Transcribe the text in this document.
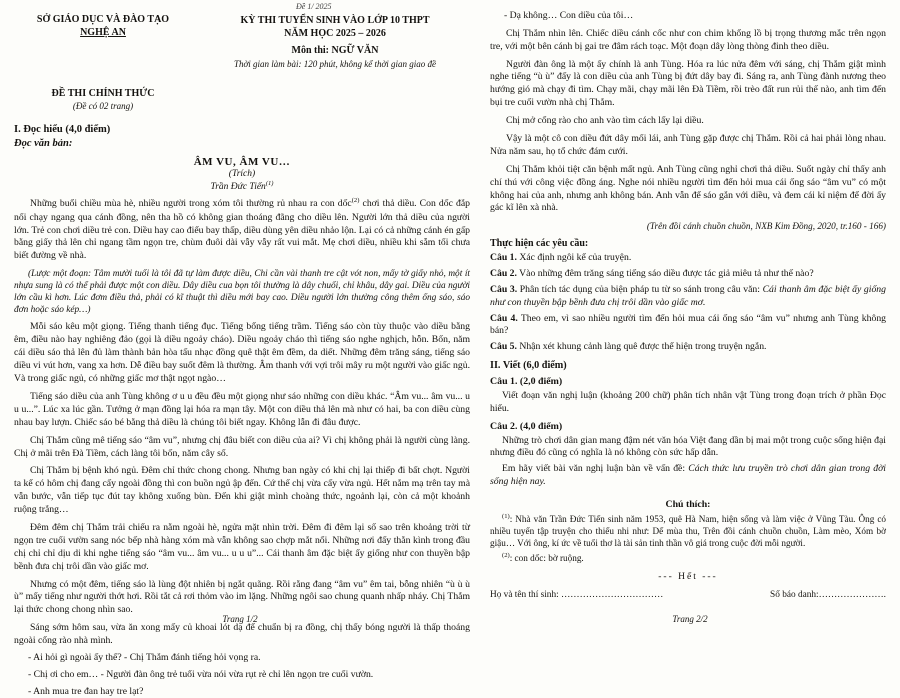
Đề 1/ 2025
SỞ GIÁO DỤC VÀ ĐÀO TẠO
NGHỆ AN
KỲ THI TUYỂN SINH VÀO LỚP 10 THPT
NĂM HỌC 2025 – 2026
Môn thi: NGỮ VĂN
Thời gian làm bài: 120 phút, không kể thời gian giao đề
ĐỀ THI CHÍNH THỨC
(Đề có 02 trang)
I. Đọc hiểu (4,0 điểm)
Đọc văn bản:
ÂM VU, ÂM VU…
(Trích)
Trần Đức Tiến$^{(1)}$

Những buổi chiều mùa hè, nhiều người trong xóm tôi thường rủ nhau ra con dốc$^{(2)}$ chơi thả diều. Con dốc đắp nối chạy ngang qua cánh đồng, nên tha hồ có không gian thoáng đãng cho diều lên. Người lớn thả diều của người lớn. Trẻ con chơi diều trẻ con. Diều hay cao điểu bay thấp, diều dùng yên diều nhảo lộn. Lại có cả những cánh én gấp bằng giấy thả lên chỉ ngang tầm ngọn tre, chùm đuôi dài vẫy vẫy rất vui mắt. Mẹ chơi diều, nhiều khi sẵm tối chưa biết đường về nhà.

(Lược một đoạn: Tâm mười tuổi là tôi đã tự làm được diều, Chi cần vài thanh tre cật vót non, mấy tờ giấy nhỏ, một ít nhựa sung là có thể phải được một con diều. Dây diều cua bọn tôi thường là dây chuối, chỉ khâu, dây gai. Diều của người lớn cầu kì hơn. Lúc đơm điều thả, phải có kĩ thuật thì diều mới bay cao. Diều người lớn thường công thêm ống sáo, sáo đơn hoặc sáo kép…)

Mỗi sáo kêu một giọng. Tiếng thanh tiếng đục. Tiếng bổng tiếng trầm. Tiếng sáo còn tùy thuộc vào diều bằng êm, điều nào hay nghiêng đảo (gọi là diều ngoảy cháo). Diều ngoảy cháo thì tiếng sáo nghe nghịch, hỗn. Bốn, năm cái diều sáo thả lên đủ làm thành bản hòa tấu nhạc đồng quê thật êm đềm, da diết. Những đêm trăng sáng, tiếng sáo diều vi vút hơn, vang xa hơn. Dễ điều bay suốt đêm là thường. Âm thanh với vợi trôi mây ru một người vào giấc ngủ. Và trong giấc ngủ, có những giấc mơ thật ngọt ngào…

Tiếng sáo diều của anh Tùng không ơ u u đều đều một giọng như sáo những con diều khác. “Âm vu... âm vu... u u u...”. Lúc xa lúc gần. Tưởng ở mạn đồng lại hóa ra mạn tây. Một con diều thả lên mà như có hai, ba con diều cùng nhau bay lượn. Chiếc sáo bé bằng thả diều là chúng tôi biết ngay. Không lẫn đi đâu được.

Chị Thắm cũng mê tiếng sáo “âm vu”, nhưng chị đâu biết con diều của ai? Vì chị không phải là người cùng làng. Chị ở mãi trên Đà Tiềm, cách làng tôi bốn, năm cây số.

Chị Thắm bị bệnh khó ngủ. Đêm chỉ thức chong chong. Nhưng ban ngày có khi chị lại thiếp đi bất chợt. Người ta kể có hôm chị đang cấy ngoài đồng thì con buồn ngủ ập đến. Cứ thế chị vừa cấy vừa ngủ. Hết nắm mạ trên tay mà vẫn bước, vẫn tiếp tục đút tay không xuống bùn. Đến khi giật mình choàng thức, ngoảnh lại, còn cả một khoảnh ruộng trắng…

Đêm đêm chị Thắm trải chiếu ra nằm ngoài hè, ngửa mặt nhìn trời. Đêm đi đêm lại số sao trên khoảng trời từ ngọn tre cuối vườn sang nóc bếp nhà hàng xóm mà vẫn không sao chợp mắt nổi. Những nơi đấy thằn kình trong đầu chị chỉ chỉ dịu di khi nghe tiếng sáo “âm vu... âm vu... u u u”... Cái thanh âm đặc biệt ấy giống như con thuyền bập bềnh đưa chị trôi dần vào giấc mơ.

Nhưng có một đêm, tiếng sáo là lùng đột nhiên bị ngắt quãng. Rồi rằng đang “âm vu” êm tai, bỗng nhiên “ù ù ù ù” mấy tiếng như người thớt hơi. Rồi tắt cả rơi thỏm vào im lặng. Những ngôi sao chung quanh nhấp nháy. Chị Thắm lại thức chong chong nhìn sao.

Sáng sớm hôm sau, vừa ăn xong mấy củ khoai lót dạ để chuẩn bị ra đồng, chị thấy bóng người là thấp thoáng ngoài cổng rào nhà mình.

- Ai hỏi gì ngoài ấy thế? - Chị Thắm đánh tiếng hỏi vọng ra.

- Chị ơi cho em… - Người đàn ông trẻ tuổi vừa nói vừa rụt rè chỉ lên ngọn tre cuối vườn.

- Anh mua tre đan hay tre lạt?

Trang 1/2

- Dạ không… Con diều của tôi…

Chị Thắm nhìn lên. Chiếc diều cánh cốc như con chim khổng lồ bị trọng thương mắc trên ngọn tre, với một bên cánh bị gai tre đâm rách toạc. Một đoạn dây lòng thòng đinh theo diều.

Người đàn ông là một ấy chính là anh Tùng. Hóa ra lúc nửa đêm với sáng, chị Thắm giật mình nghe tiếng “ù ù” đấy là con diều của anh Tùng bị đứt dây bay đi. Sáng ra, anh Tùng đành nương theo hướng gió mà chạy đi tìm. Chạy mãi, chạy mãi lên Đà Tiềm, rồi trèo đất run rủi thế nào, anh tìm đến bụi tre cuối vườn nhà chị Thắm.

Chị mở cổng rào cho anh vào tìm cách lấy lại diều.

Vậy là một cô con diều đứt dây mối lái, anh Tùng gặp được chị Thắm. Rồi cả hai phải lòng nhau. Nửa năm sau, họ tổ chức đám cưới.

Chị Thắm khỏi tiệt căn bệnh mất ngủ. Anh Tùng cũng nghỉ chơi thả diều. Suốt ngày chỉ thấy anh chí thú với công việc đồng áng. Nghe nói nhiều người tìm đến hỏi mua cái ống sáo “âm vu” có một không hai của anh, nhưng anh không bán. Anh vẫn để sáo gắn với diều, và đem cái kỉ niệm để đời ấy gác kĩ lên xà nhà.

(Trên đồi cánh chuồn chuồn, NXB Kim Đồng, 2020, tr.160 - 166)
Thực hiện các yêu cầu:

Câu 1. Xác định ngôi kể của truyện.

Câu 2. Vào những đêm trăng sáng tiếng sáo diều được tác giả miêu tả như thế nào?

Câu 3. Phân tích tác dụng của biện pháp tu từ so sánh trong câu văn: Cái thanh âm đặc biệt ấy giống như con thuyền bập bềnh đưa chị trôi dần vào giấc mơ.

Câu 4. Theo em, vì sao nhiều người tìm đến hỏi mua cái ống sáo “âm vu” nhưng anh Tùng không bán?

Câu 5. Nhận xét khung cảnh làng quê được thể hiện trong truyện ngắn.

II. Viết (6,0 điểm)
Câu 1. (2,0 điểm)

Viết đoạn văn nghị luận (khoảng 200 chữ) phân tích nhân vật Tùng trong đoạn trích ở phần Đọc hiểu.

Câu 2. (4,0 điểm)

Những trò chơi dân gian mang đậm nét văn hóa Việt đang dần bị mai một trong cuộc sống hiện đại nhưng điều đó cũng có nghĩa là nó không còn sức hấp dẫn.

Em hãy viết bài văn nghị luận bàn về vấn đề: Cách thức lưu truyền trò chơi dân gian trong đời sống hiện nay.

Chú thích:

$^{(1)}$: Nhà văn Trần Đức Tiến sinh năm 1953, quê Hà Nam, hiện sống và làm việc ở Vũng Tàu. Ông có nhiều tuyển tập truyện cho thiếu nhi như: Dế mùa thu, Trên đồi cánh chuồn chuồn, Làm mèo, Xóm bờ giậu… Với ông, kí ức về tuổi thơ là tài sản tinh thần vô giá trong cuộc đời mỗi người.

$^{(2)}$: con dốc: bờ ruộng.

--- Hết ---
Họ và tên thí sinh: ……………………………	Số báo danh:………………….
Trang 2/2
